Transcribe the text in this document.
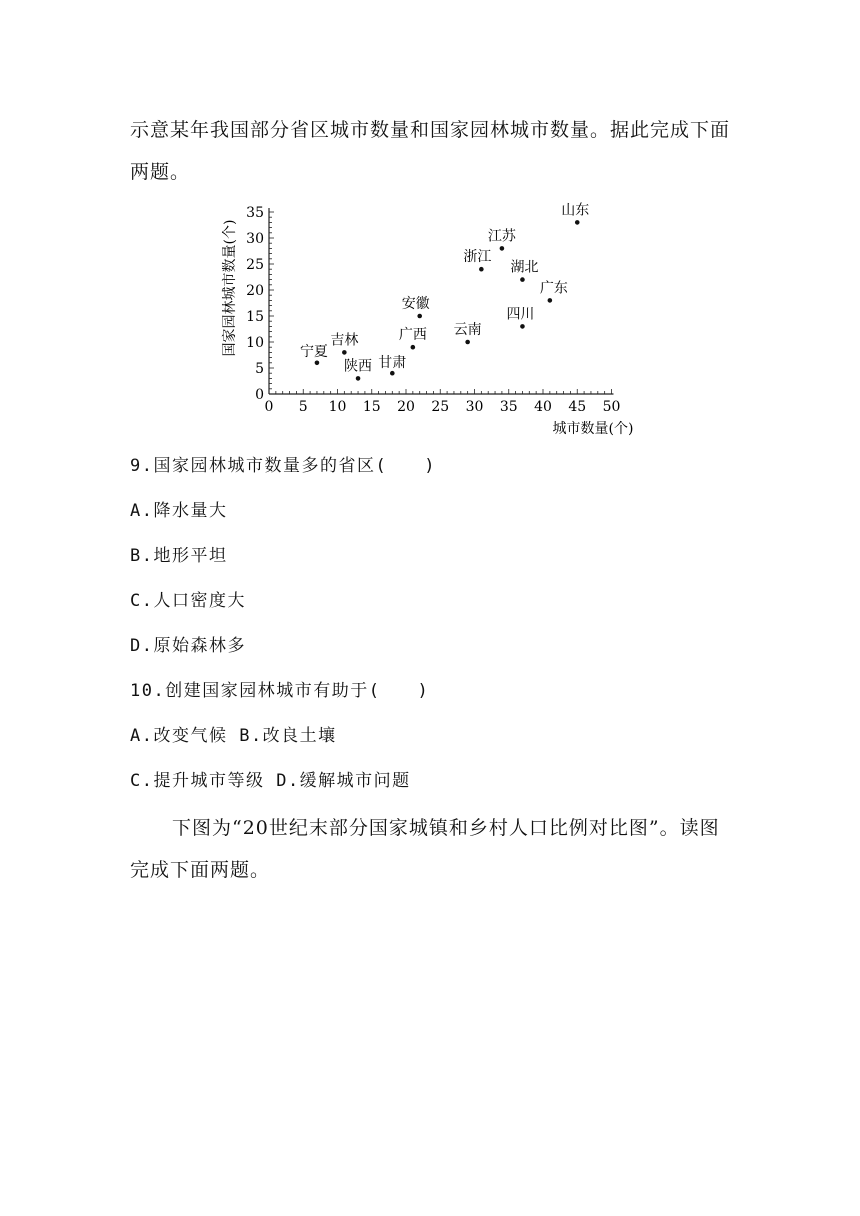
示意某年我国部分省区城市数量和国家园林城市数量。据此完成下面
两题。
0 5 10 15 20 25 30 35 40 45 50
0
5
10
15
20
25
30
35
宁夏
吉林
陕西 甘肃
广西
安徽
云南
浙江
江苏
湖北
四川
广东
山东
城市数量(个)
国家园林城市数量(个)
9.国家园林城市数量多的省区(　　)
A.降水量大
B.地形平坦
C.人口密度大
D.原始森林多
10.创建国家园林城市有助于(　　)
A.改变气候 B.改良土壤
C.提升城市等级 D.缓解城市问题
下图为“20世纪末部分国家城镇和乡村人口比例对比图”。读图
完成下面两题。
